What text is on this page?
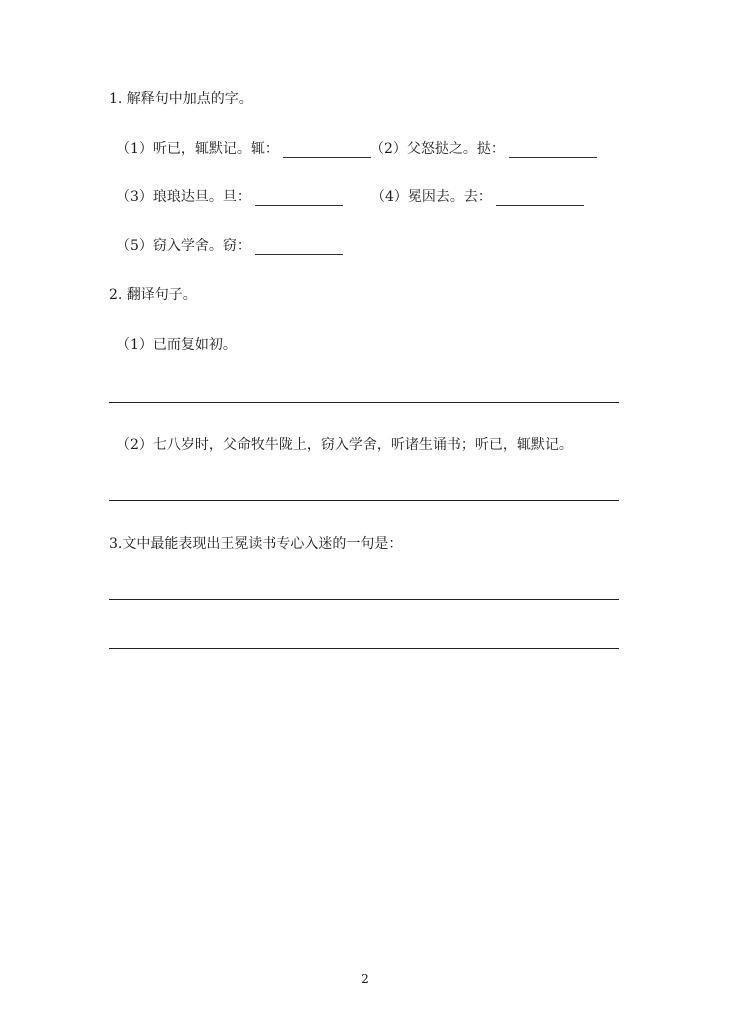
1. 解释句中加点的字。
（1）听已，辄默记。辄：	（2）父怒挞之。挞：
（3）琅琅达旦。旦：	（4）冕因去。去：
（5）窃入学舍。窃：
2. 翻译句子。
（1）已而复如初。
（2）七八岁时，父命牧牛陇上，窃入学舍，听诸生诵书；听已，辄默记。
3.文中最能表现出王冕读书专心入迷的一句是：
2
